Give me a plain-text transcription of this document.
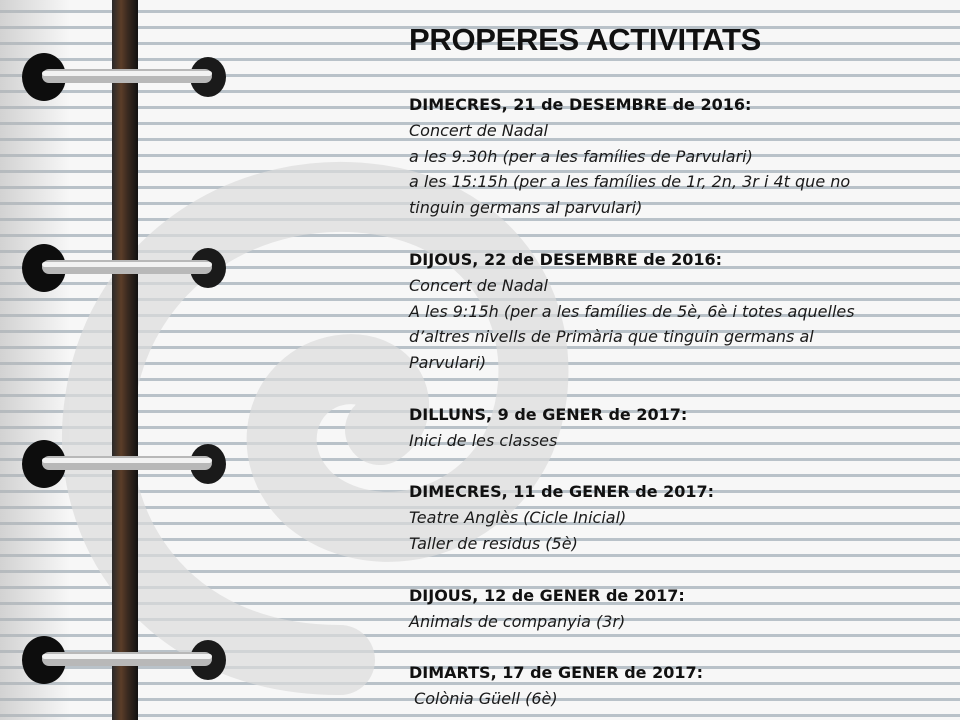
PROPERES ACTIVITATS
DIMECRES, 21 de DESEMBRE de 2016:
Concert de Nadal
a les 9.30h (per a les famílies de Parvulari)
a les 15:15h (per a les famílies de 1r, 2n, 3r i 4t que no
tinguin germans al parvulari)
DIJOUS, 22 de DESEMBRE de 2016:
Concert de Nadal
A les 9:15h (per a les famílies de 5è, 6è i totes aquelles
d’altres nivells de Primària que tinguin germans al
Parvulari)
DILLUNS, 9 de GENER de 2017:
Inici de les classes
DIMECRES, 11 de GENER de 2017:
Teatre Anglès (Cicle Inicial)
Taller de residus (5è)
DIJOUS, 12 de GENER de 2017:
Animals de companyia (3r)
DIMARTS, 17 de GENER de 2017:
Colònia Güell (6è)
